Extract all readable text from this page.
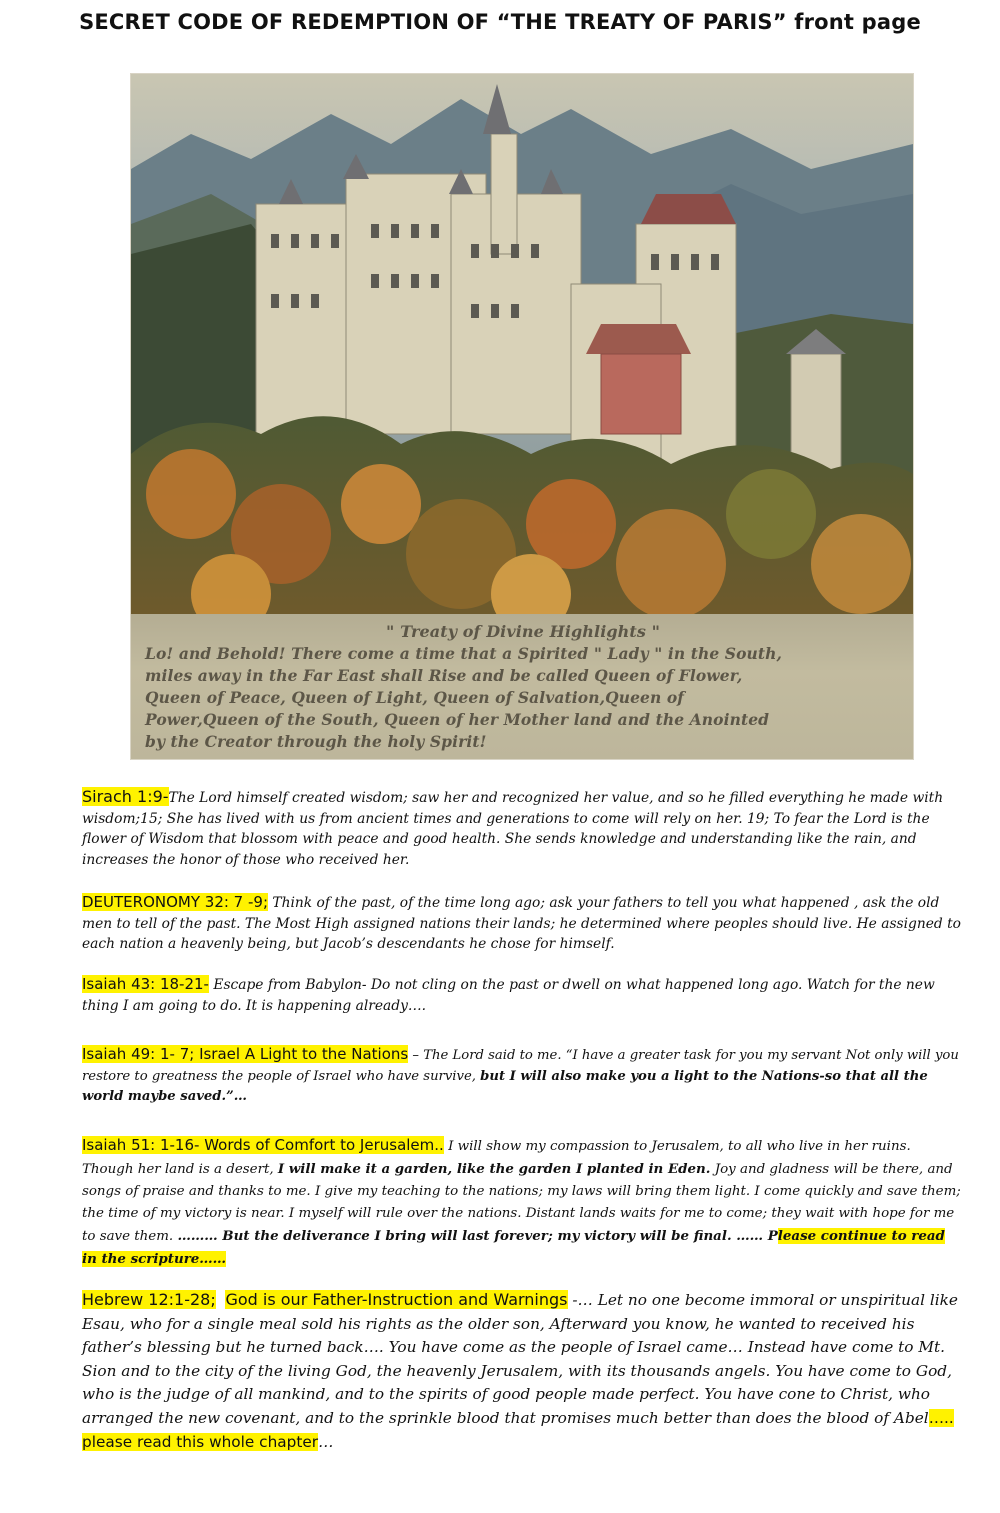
SECRET CODE OF REDEMPTION OF “THE TREATY OF PARIS” front page
" Treaty of Divine Highlights "
Lo! and Behold! There come a time that a Spirited " Lady " in the South,
miles away in the Far East shall Rise and be called Queen of Flower,
Queen of Peace, Queen of Light, Queen of Salvation,Queen of
Power,Queen of the South, Queen of her Mother land and the Anointed
by the Creator through the holy Spirit!
Sirach 1:9-The Lord himself created wisdom; saw her and recognized her value, and so he filled everything he made with wisdom;15; She has lived with us from ancient times and generations to come will rely on her. 19; To fear the Lord is the flower of Wisdom that blossom with peace and good health. She sends knowledge and understanding like the rain, and increases the honor of those who received her.
DEUTERONOMY 32: 7 -9; Think of the past, of the time long ago; ask your fathers to tell you what happened , ask the old men to tell of the past. The Most High assigned nations their lands; he determined where peoples should live. He assigned to each nation a heavenly being, but Jacob’s descendants he chose for himself.
Isaiah 43: 18-21- Escape from Babylon- Do not cling on the past or dwell on what happened long ago. Watch for the new thing I am going to do. It is happening already….
Isaiah 49: 1- 7; Israel A Light to the Nations – The Lord said to me. “I have a greater task for you my servant Not only will you restore to greatness the people of Israel who have survive, but I will also make you a light to the Nations-so that all the world maybe saved.”…
Isaiah 51: 1-16- Words of Comfort to Jerusalem.. I will show my compassion to Jerusalem, to all who live in her ruins. Though her land is a desert, I will make it a garden, like the garden I planted in Eden. Joy and gladness will be there, and songs of praise and thanks to me. I give my teaching to the nations; my laws will bring them light. I come quickly and save them; the time of my victory is near. I myself will rule over the nations. Distant lands waits for me to come; they wait with hope for me to save them. ……… But the deliverance I bring will last forever; my victory will be final. …… Please continue to read in the scripture……
Hebrew 12:1-28; God is our Father-Instruction and Warnings -… Let no one become immoral or unspiritual like Esau, who for a single meal sold his rights as the older son, Afterward you know, he wanted to received his father’s blessing but he turned back…. You have come as the people of Israel came… Instead have come to Mt. Sion and to the city of the living God, the heavenly Jerusalem, with its thousands angels. You have come to God, who is the judge of all mankind, and to the spirits of good people made perfect. You have cone to Christ, who arranged the new covenant, and to the sprinkle blood that promises much better than does the blood of Abel….. please read this whole chapter…
